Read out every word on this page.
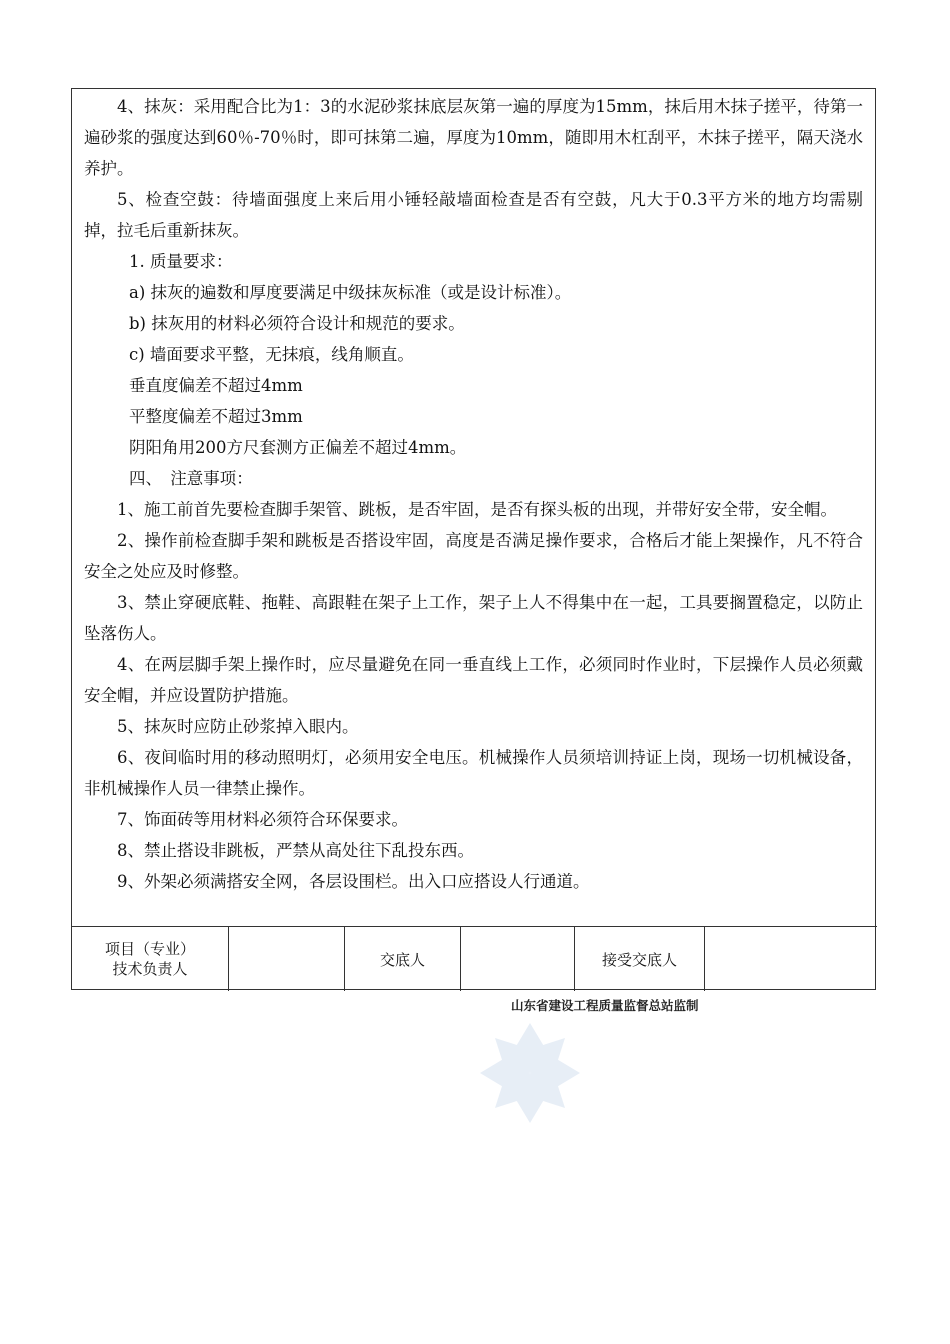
4、抹灰：采用配合比为1：3的水泥砂浆抹底层灰第一遍的厚度为15mm，抹后用木抹子搓平，待第一遍砂浆的强度达到60％-70％时，即可抹第二遍，厚度为10mm，随即用木杠刮平，木抹子搓平，隔天浇水养护。

5、检查空鼓：待墙面强度上来后用小锤轻敲墙面检查是否有空鼓，凡大于0.3平方米的地方均需剔掉，拉毛后重新抹灰。

1. 质量要求：

a) 抹灰的遍数和厚度要满足中级抹灰标准（或是设计标准）。

b) 抹灰用的材料必须符合设计和规范的要求。

c) 墙面要求平整，无抹痕，线角顺直。

垂直度偏差不超过4mm

平整度偏差不超过3mm

阴阳角用200方尺套测方正偏差不超过4mm。

四、　注意事项：

1、施工前首先要检查脚手架管、跳板，是否牢固，是否有探头板的出现，并带好安全带，安全帽。

2、操作前检查脚手架和跳板是否搭设牢固，高度是否满足操作要求，合格后才能上架操作，凡不符合安全之处应及时修整。

3、禁止穿硬底鞋、拖鞋、高跟鞋在架子上工作，架子上人不得集中在一起，工具要搁置稳定，以防止坠落伤人。

4、在两层脚手架上操作时，应尽量避免在同一垂直线上工作，必须同时作业时，下层操作人员必须戴安全帽，并应设置防护措施。

5、抹灰时应防止砂浆掉入眼内。

6、夜间临时用的移动照明灯，必须用安全电压。机械操作人员须培训持证上岗，现场一切机械设备，非机械操作人员一律禁止操作。

7、饰面砖等用材料必须符合环保要求。

8、禁止搭设非跳板，严禁从高处往下乱投东西。

9、外架必须满搭安全网，各层设围栏。出入口应搭设人行通道。

项目（专业）
技术负责人
交底人	接受交底人
山东省建设工程质量监督总站监制
